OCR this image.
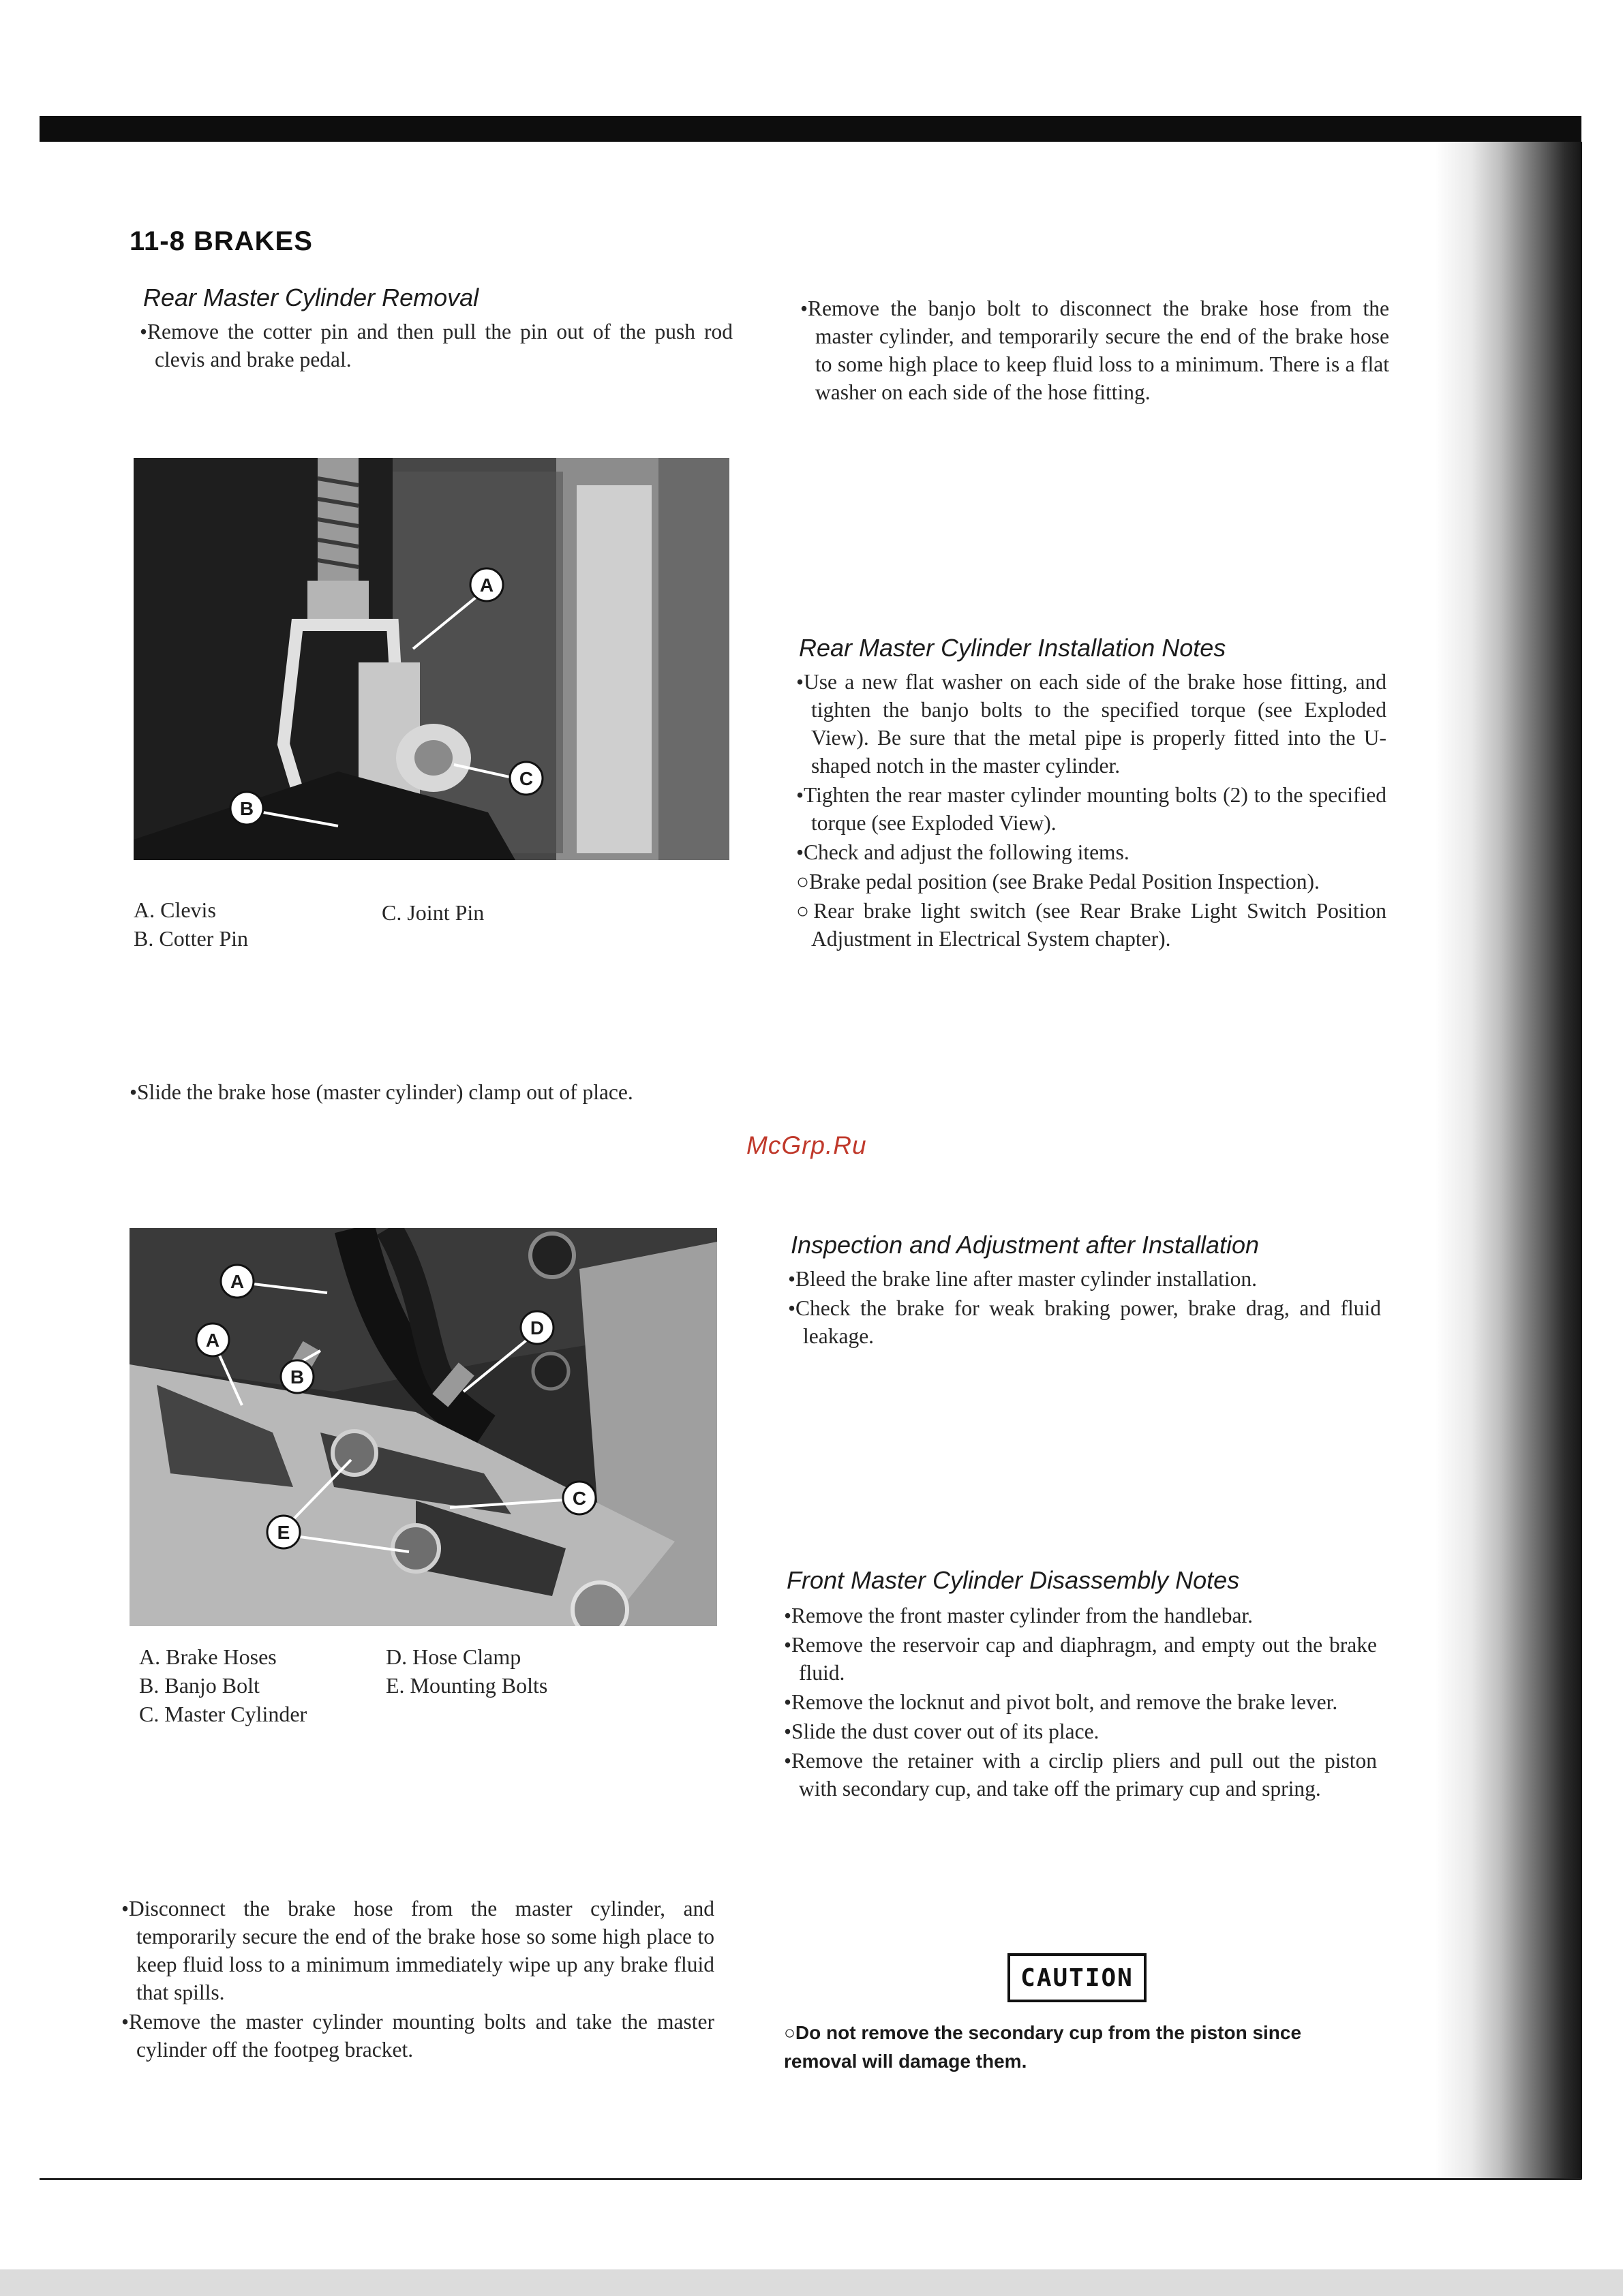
11-8 BRAKES
Rear Master Cylinder Removal
•Remove the cotter pin and then pull the pin out of the push rod clevis and brake pedal.
A
B
C
A. Clevis
B. Cotter Pin
C. Joint Pin
•Slide the brake hose (master cylinder) clamp out of place.
A
A
B
C
D
E
A. Brake Hoses
B. Banjo Bolt
C. Master Cylinder
D. Hose Clamp
E. Mounting Bolts
•Disconnect the brake hose from the master cylinder, and temporarily secure the end of the brake hose so some high place to keep fluid loss to a minimum immediately wipe up any brake fluid that spills.
•Remove the master cylinder mounting bolts and take the master cylinder off the footpeg bracket.
•Remove the banjo bolt to disconnect the brake hose from the master cylinder, and temporarily secure the end of the brake hose to some high place to keep fluid loss to a minimum. There is a flat washer on each side of the hose fitting.
Rear Master Cylinder Installation Notes
•Use a new flat washer on each side of the brake hose fitting, and tighten the banjo bolts to the specified torque (see Exploded View). Be sure that the metal pipe is properly fitted into the U-shaped notch in the master cylinder.
•Tighten the rear master cylinder mounting bolts (2) to the specified torque (see Exploded View).
•Check and adjust the following items.
○Brake pedal position (see Brake Pedal Position Inspection).
○Rear brake light switch (see Rear Brake Light Switch Position Adjustment in Electrical System chapter).
Inspection and Adjustment after Installation
•Bleed the brake line after master cylinder installation.
•Check the brake for weak braking power, brake drag, and fluid leakage.
Front Master Cylinder Disassembly Notes
•Remove the front master cylinder from the handlebar.
•Remove the reservoir cap and diaphragm, and empty out the brake fluid.
•Remove the locknut and pivot bolt, and remove the brake lever.
•Slide the dust cover out of its place.
•Remove the retainer with a circlip pliers and pull out the piston with secondary cup, and take off the primary cup and spring.
CAUTION
○Do not remove the secondary cup from the piston since removal will damage them.
McGrp.Ru
